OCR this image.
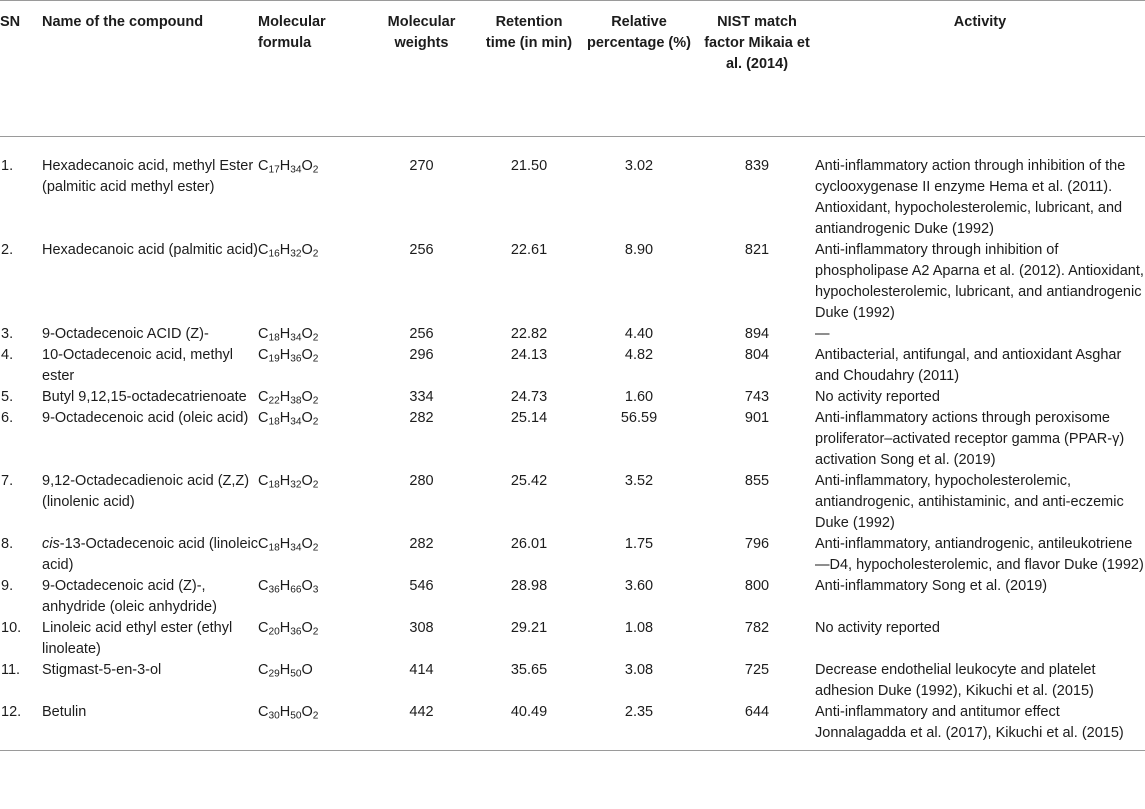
SN	Name of the compound	Molecular formula	Molecular weights	Retention time (in min)	Relative percentage (%)	NIST match factor Mikaia et al. (2014)	Activity
1.	Hexadecanoic acid, methyl Ester (palmitic acid methyl ester)	$C_{17}H_{34}O_2$	270	21.50	3.02	839	Anti-inflammatory action through inhibition of the cyclooxygenase II enzyme Hema et al. (2011). Antioxidant, hypocholesterolemic, lubricant, and antiandrogenic Duke (1992)
2.	Hexadecanoic acid (palmitic acid)	$C_{16}H_{32}O_2$	256	22.61	8.90	821	Anti-inflammatory through inhibition of phospholipase A2 Aparna et al. (2012). Antioxidant, hypocholesterolemic, lubricant, and antiandrogenic Duke (1992)
3.	9-Octadecenoic ACID (Z)-	$C_{18}H_{34}O_2$	256	22.82	4.40	894	—
4.	10-Octadecenoic acid, methyl ester	$C_{19}H_{36}O_2$	296	24.13	4.82	804	Antibacterial, antifungal, and antioxidant Asghar and Choudahry (2011)
5.	Butyl 9,12,15-octadecatrienoate	$C_{22}H_{38}O_2$	334	24.73	1.60	743	No activity reported
6.	9-Octadecenoic acid (oleic acid)	$C_{18}H_{34}O_2$	282	25.14	56.59	901	Anti-inflammatory actions through peroxisome proliferator–activated receptor gamma (PPAR-γ) activation Song et al. (2019)
7.	9,12-Octadecadienoic acid (Z,Z) (linolenic acid)	$C_{18}H_{32}O_2$	280	25.42	3.52	855	Anti-inflammatory, hypocholesterolemic, antiandrogenic, antihistaminic, and anti-eczemic Duke (1992)
8.	cis-13-Octadecenoic acid (linoleic acid)	$C_{18}H_{34}O_2$	282	26.01	1.75	796	Anti-inflammatory, antiandrogenic, antileukotriene—D4, hypocholesterolemic, and flavor Duke (1992)
9.	9-Octadecenoic acid (Z)-, anhydride (oleic anhydride)	$C_{36}H_{66}O_3$	546	28.98	3.60	800	Anti-inflammatory Song et al. (2019)
10.	Linoleic acid ethyl ester (ethyl linoleate)	$C_{20}H_{36}O_2$	308	29.21	1.08	782	No activity reported
11.	Stigmast-5-en-3-ol	$C_{29}H_{50}O$	414	35.65	3.08	725	Decrease endothelial leukocyte and platelet adhesion Duke (1992), Kikuchi et al. (2015)
12.	Betulin	$C_{30}H_{50}O_2$	442	40.49	2.35	644	Anti-inflammatory and antitumor effect Jonnalagadda et al. (2017), Kikuchi et al. (2015)
